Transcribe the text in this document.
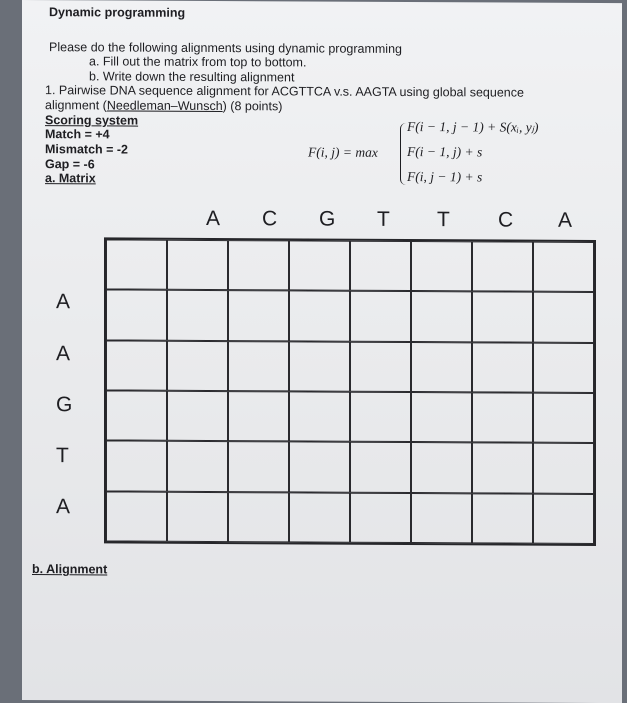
Dynamic programming
Please do the following alignments using dynamic programming
a. Fill out the matrix from top to bottom.
b. Write down the resulting alignment
1. Pairwise DNA sequence alignment for ACGTTCA v.s. AAGTA using global sequence
alignment (Needleman–Wunsch) (8 points)
Scoring system
Match = +4
Mismatch = -2
Gap = -6
a. Matrix
F(i, j) = max
F(i − 1, j − 1) + S(xᵢ, yⱼ)
F(i − 1, j) + s
F(i, j − 1) + s
A C G T T C A
A
A
G
T
A
b. Alignment
